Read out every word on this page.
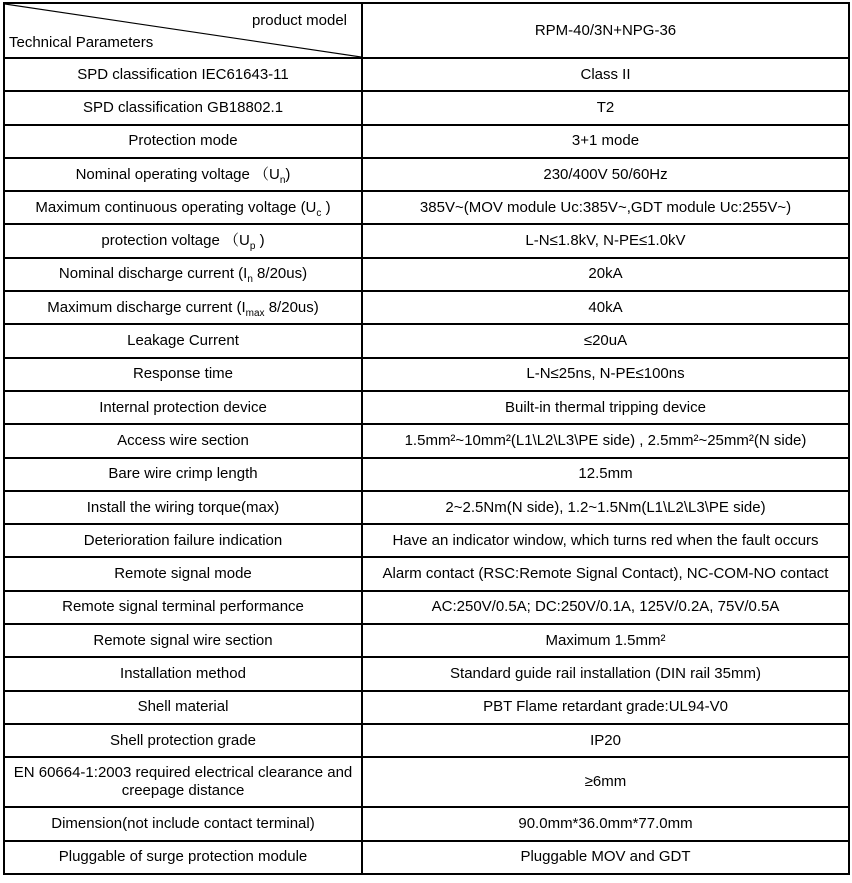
product model
Technical Parameters	RPM-40/3N+NPG-36
SPD classification IEC61643-11	Class II
SPD classification GB18802.1	T2
Protection mode	3+1 mode
Nominal operating voltage $(U_n)$	230/400V 50/60Hz
Maximum continuous operating voltage ($U_c$ )	385V~(MOV module Uc:385V~,GDT module Uc:255V~)
protection voltage （$U_p$ )	L-N≤1.8kV, N-PE≤1.0kV
Nominal discharge current ($I_n$ 8/20us)	20kA
Maximum discharge current ($I_{max}$ 8/20us)	40kA
Leakage Current	≤20uA
Response time	L-N≤25ns, N-PE≤100ns
Internal protection device	Built-in thermal tripping device
Access wire section	1.5mm²~10mm²(L1\L2\L3\PE side) , 2.5mm²~25mm²(N side)
Bare wire crimp length	12.5mm
Install the wiring torque(max)	2~2.5Nm(N side), 1.2~1.5Nm(L1\L2\L3\PE side)
Deterioration failure indication	Have an indicator window, which turns red when the fault occurs
Remote signal mode	Alarm contact (RSC:Remote Signal Contact), NC-COM-NO contact
Remote signal terminal performance	AC:250V/0.5A; DC:250V/0.1A, 125V/0.2A, 75V/0.5A
Remote signal wire section	Maximum 1.5mm²
Installation method	Standard guide rail installation (DIN rail 35mm)
Shell material	PBT Flame retardant grade:UL94-V0
Shell protection grade	IP20
EN 60664-1:2003 required electrical clearance and creepage distance	≥6mm
Dimension(not include contact terminal)	90.0mm*36.0mm*77.0mm
Pluggable of surge protection module	Pluggable MOV and GDT
